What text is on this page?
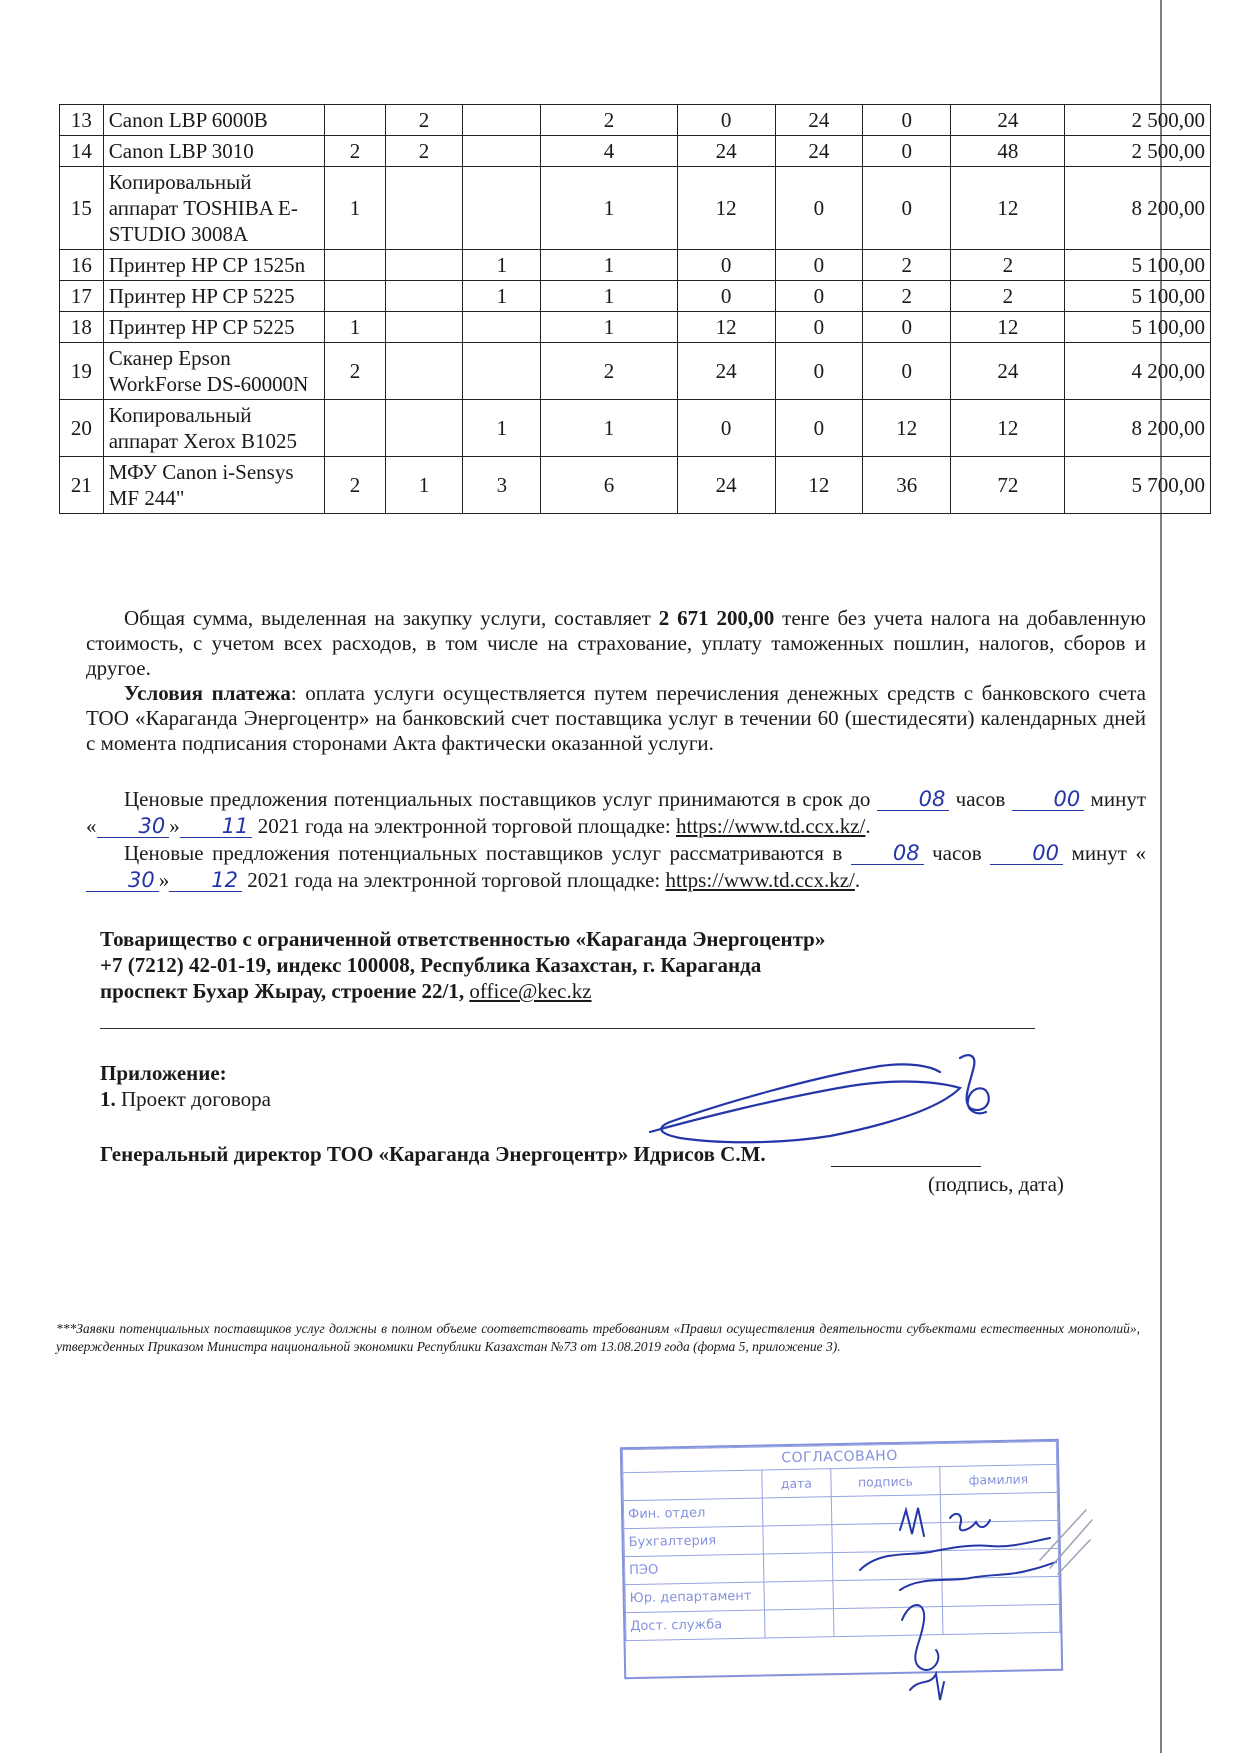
13	Canon LBP 6000B		2		2	0	24	0	24	2 500,00
14	Canon LBP 3010	2	2		4	24	24	0	48	2 500,00
15	Копировальный аппарат TOSHIBA E-STUDIO 3008A	1			1	12	0	0	12	8 200,00
16	Принтер HP CP 1525n			1	1	0	0	2	2	5 100,00
17	Принтер HP CP 5225			1	1	0	0	2	2	5 100,00
18	Принтер HP CP 5225	1			1	12	0	0	12	5 100,00
19	Сканер Epson WorkForse DS-60000N	2			2	24	0	0	24	4 200,00
20	Копировальный аппарат Xerox B1025			1	1	0	0	12	12	8 200,00
21	МФУ Canon i-Sensys MF 244"	2	1	3	6	24	12	36	72	5 700,00
Общая сумма, выделенная на закупку услуги, составляет 2 671 200,00 тенге без учета налога на добавленную стоимость, с учетом всех расходов, в том числе на страхование, уплату таможенных пошлин, налогов, сборов и другое.
Условия платежа: оплата услуги осуществляется путем перечисления денежных средств с банковского счета ТОО «Караганда Энергоцентр» на банковский счет поставщика услуг в течении 60 (шестидесяти) календарных дней с момента подписания сторонами Акта фактически оказанной услуги.
Ценовые предложения потенциальных поставщиков услуг принимаются в срок до 08 часов 00 минут « 30 » 11 2021 года на электронной торговой площадке: https://www.td.ccx.kz/.
Ценовые предложения потенциальных поставщиков услуг рассматриваются в 08 часов 00 минут «30 » 12 2021 года на электронной торговой площадке: https://www.td.ccx.kz/.
Товарищество с ограниченной ответственностью «Караганда Энергоцентр»
+7 (7212) 42-01-19, индекс 100008, Республика Казахстан, г. Караганда
проспект Бухар Жырау, строение 22/1, office@kec.kz
Приложение:
1. Проект договора
Генеральный директор ТОО «Караганда Энергоцентр» Идрисов С.М.
(подпись, дата)
***Заявки потенциальных поставщиков услуг должны в полном объеме соответствовать требованиям «Правил осуществления деятельности субъектами естественных монополий», утвержденных Приказом Министра национальной экономики Республики Казахстан №73 от 13.08.2019 года (форма 5, приложение 3).
СОГЛАСОВАНО			
	дата	подпись	фамилия
Фин. отдел			
Бухгалтерия			
ПЭО			
Юр. департамент			
Дост. служба			
